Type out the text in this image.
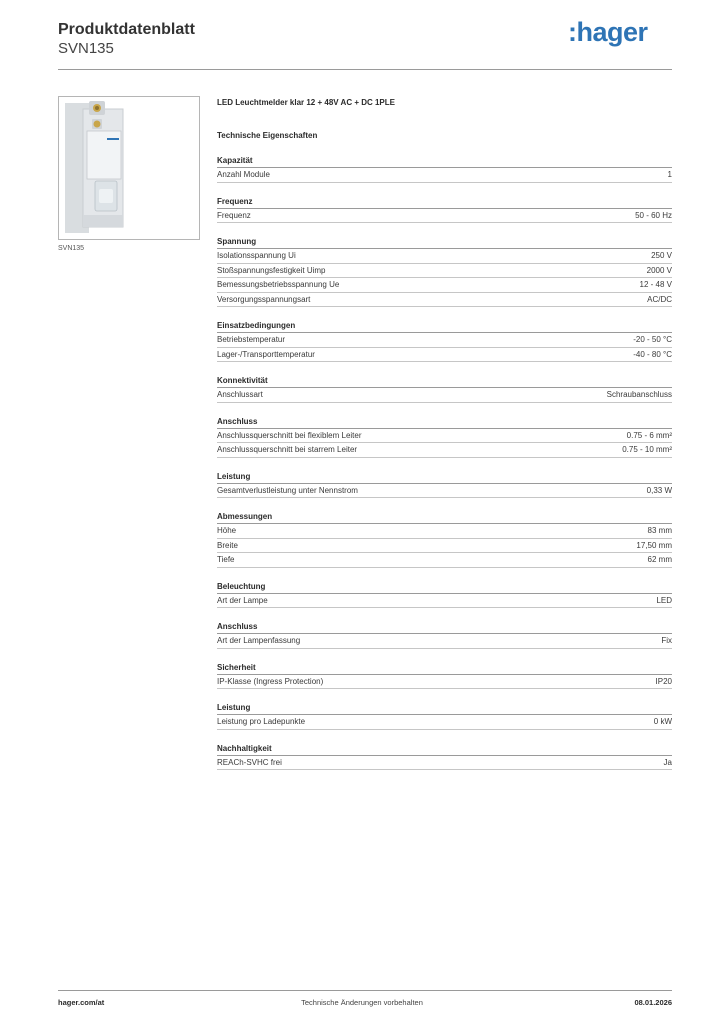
Produktdatenblatt
SVN135
:hager
SVN135
LED Leuchtmelder klar 12 + 48V AC + DC 1PLE
Technische Eigenschaften
Kapazität
Anzahl Module	1
Frequenz
Frequenz	50 - 60 Hz
Spannung
Isolationsspannung Ui	250 V
Stoßspannungsfestigkeit Uimp	2000 V
Bemessungsbetriebsspannung Ue	12 - 48 V
Versorgungsspannungsart	AC/DC
Einsatzbedingungen
Betriebstemperatur	-20 - 50 °C
Lager-/Transporttemperatur	-40 - 80 °C
Konnektivität
Anschlussart	Schraubanschluss
Anschluss
Anschlussquerschnitt bei flexiblem Leiter	0.75 - 6 mm²
Anschlussquerschnitt bei starrem Leiter	0.75 - 10 mm²
Leistung
Gesamtverlustleistung unter Nennstrom	0,33 W
Abmessungen
Höhe	83 mm
Breite	17,50 mm
Tiefe	62 mm
Beleuchtung
Art der Lampe	LED
Anschluss
Art der Lampenfassung	Fix
Sicherheit
IP-Klasse (Ingress Protection)	IP20
Leistung
Leistung pro Ladepunkte	0 kW
Nachhaltigkeit
REACh-SVHC frei	Ja
hager.com/at	Technische Änderungen vorbehalten	08.01.2026
